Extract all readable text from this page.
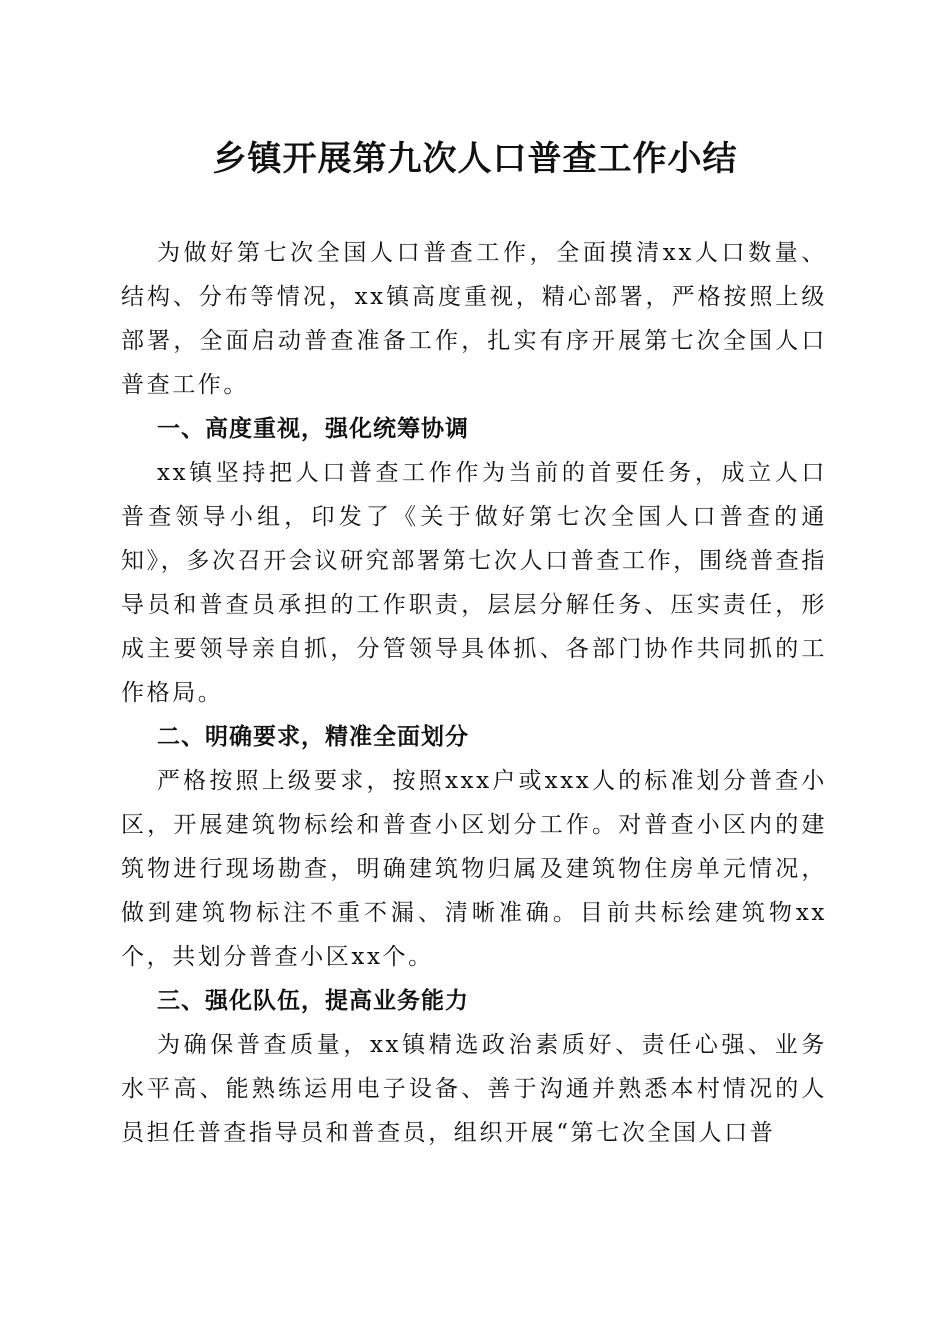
乡镇开展第九次人口普查工作小结

为做好第七次全国人口普查工作，全面摸清xx人口数量、结构、分布等情况，xx镇高度重视，精心部署，严格按照上级部署，全面启动普查准备工作，扎实有序开展第七次全国人口普查工作。

一、高度重视，强化统筹协调

xx镇坚持把人口普查工作作为当前的首要任务，成立人口普查领导小组，印发了《关于做好第七次全国人口普查的通知》，多次召开会议研究部署第七次人口普查工作，围绕普查指导员和普查员承担的工作职责，层层分解任务、压实责任，形成主要领导亲自抓，分管领导具体抓、各部门协作共同抓的工作格局。

二、明确要求，精准全面划分

严格按照上级要求，按照xxx户或xxx人的标准划分普查小区，开展建筑物标绘和普查小区划分工作。对普查小区内的建筑物进行现场勘查，明确建筑物归属及建筑物住房单元情况，做到建筑物标注不重不漏、清晰准确。目前共标绘建筑物xx个，共划分普查小区xx个。

三、强化队伍，提高业务能力

为确保普查质量，xx镇精选政治素质好、责任心强、业务水平高、能熟练运用电子设备、善于沟通并熟悉本村情况的人员担任普查指导员和普查员，组织开展“第七次全国人口普
